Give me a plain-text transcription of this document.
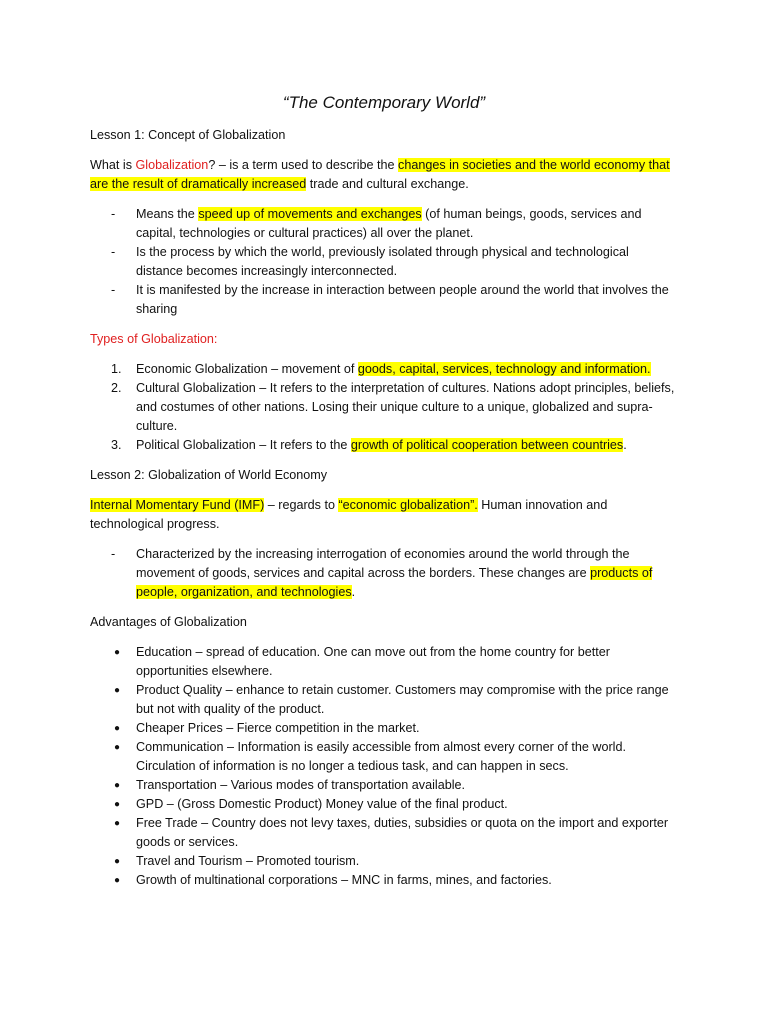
“The Contemporary World”
Lesson 1: Concept of Globalization

What is Globalization? – is a term used to describe the changes in societies and the world economy that are the result of dramatically increased trade and cultural exchange.

- Means the speed up of movements and exchanges (of human beings, goods, services and capital, technologies or cultural practices) all over the planet.
- Is the process by which the world, previously isolated through physical and technological distance becomes increasingly interconnected.
- It is manifested by the increase in interaction between people around the world that involves the sharing
Types of Globalization:
1. Economic Globalization – movement of goods, capital, services, technology and information.
2. Cultural Globalization – It refers to the interpretation of cultures. Nations adopt principles, beliefs, and costumes of other nations. Losing their unique culture to a unique, globalized and supra-culture.
3. Political Globalization – It refers to the growth of political cooperation between countries.
Lesson 2: Globalization of World Economy

Internal Momentary Fund (IMF) – regards to “economic globalization”. Human innovation and technological progress.

- Characterized by the increasing interrogation of economies around the world through the movement of goods, services and capital across the borders. These changes are products of people, organization, and technologies.
Advantages of Globalization
● Education – spread of education. One can move out from the home country for better opportunities elsewhere.
● Product Quality – enhance to retain customer. Customers may compromise with the price range but not with quality of the product.
● Cheaper Prices – Fierce competition in the market.
● Communication – Information is easily accessible from almost every corner of the world. Circulation of information is no longer a tedious task, and can happen in secs.
● Transportation – Various modes of transportation available.
● GPD – (Gross Domestic Product) Money value of the final product.
● Free Trade – Country does not levy taxes, duties, subsidies or quota on the import and exporter goods or services.
● Travel and Tourism – Promoted tourism.
● Growth of multinational corporations – MNC in farms, mines, and factories.
